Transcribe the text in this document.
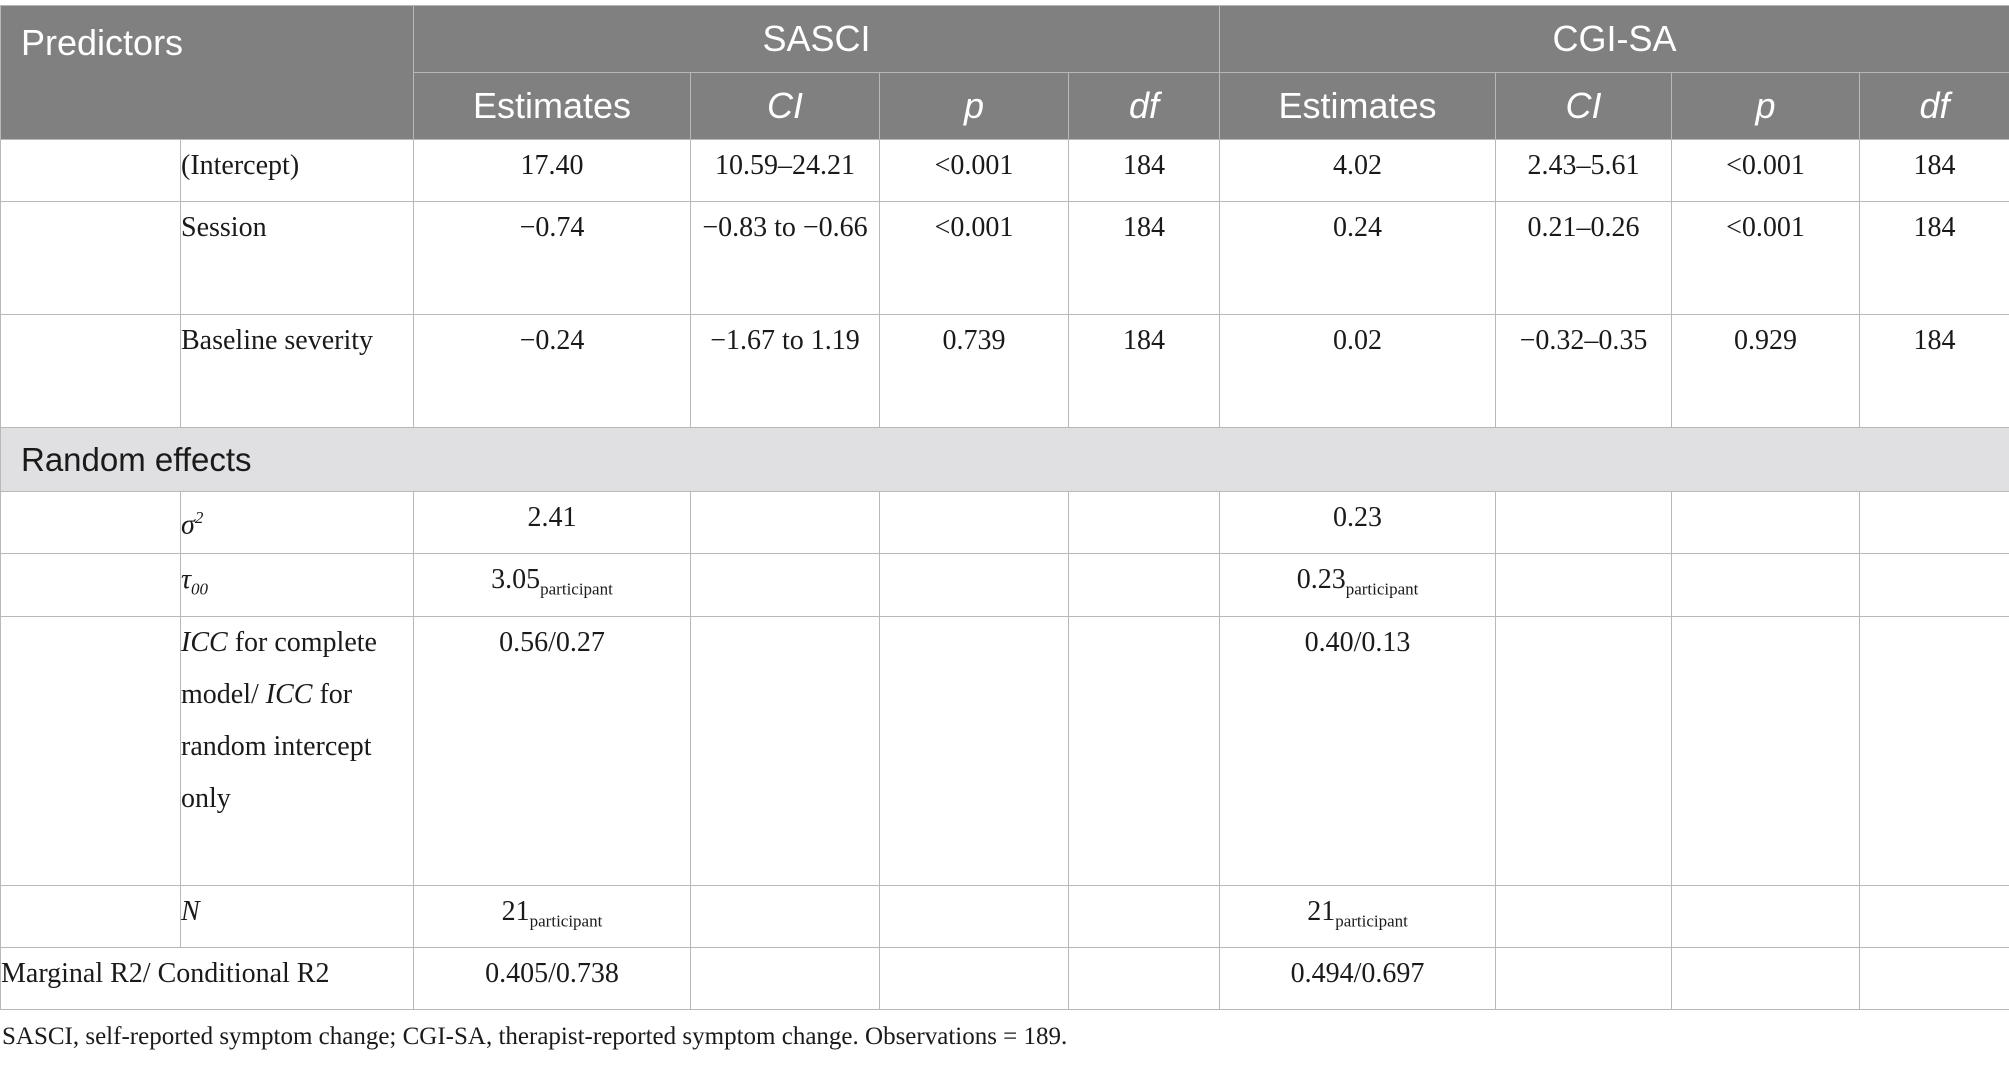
Predictors		SASCI				CGI-SA			
		Estimates	CI	p	df	Estimates	CI	p	df
	(Intercept)	17.40	10.59–24.21	<0.001	184	4.02	2.43–5.61	<0.001	184
	Session	−0.74	−0.83 to −0.66	<0.001	184	0.24	0.21–0.26	<0.001	184
	Baseline severity	−0.24	−1.67 to 1.19	0.739	184	0.02	−0.32–0.35	0.929	184
Random effects									
	$\sigma^2$	2.41				0.23			
	$\tau_{00}$	$3.05_{participant}$				$0.23_{participant}$			
	ICC for complete model/ ICC for random intercept only	0.56/0.27				0.40/0.13			
	N	$21_{participant}$				$21_{participant}$			
Marginal R2/ Conditional R2		0.405/0.738				0.494/0.697			
SASCI, self-reported symptom change; CGI-SA, therapist-reported symptom change. Observations = 189.
